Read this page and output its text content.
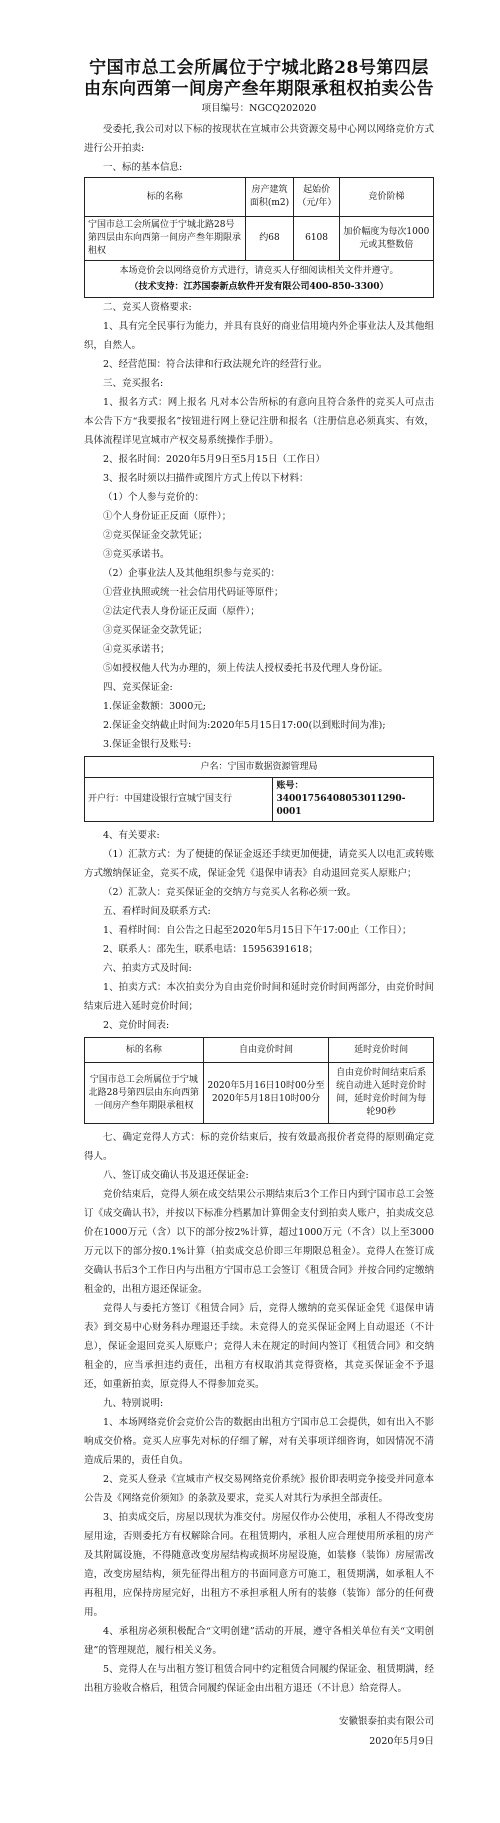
宁国市总工会所属位于宁城北路28号第四层由东向西第一间房产叁年期限承租权拍卖公告
项目编号：NGCQ202020

受委托,我公司对以下标的按现状在宣城市公共资源交易中心网以网络竞价方式进行公开拍卖:

一、标的基本信息:

标的名称	房产建筑面积(m2)	起始价（元/年）	竞价阶梯
宁国市总工会所属位于宁城北路28号第四层由东向西第一间房产叁年期限承租权	约68	6108	加价幅度为每次1000元或其整数倍
本场竞价会以网络竞价方式进行，请竞买人仔细阅读相关文件并遵守。
（技术支持：江苏国泰新点软件开发有限公司400-850-3300）

二、竞买人资格要求:

1、具有完全民事行为能力，并具有良好的商业信用境内外企事业法人及其他组织，自然人。

2、经营范围：符合法律和行政法规允许的经营行业。

三、竞买报名:

1、报名方式：网上报名 凡对本公告所标的有意向且符合条件的竞买人可点击本公告下方“我要报名”按钮进行网上登记注册和报名（注册信息必须真实、有效，具体流程详见宣城市产权交易系统操作手册）。

2、报名时间：2020年5月9日至5月15日（工作日）

3、报名时须以扫描件或图片方式上传以下材料：

（1）个人参与竞价的：

①个人身份证正反面（原件）；

②竞买保证金交款凭证；

③竞买承诺书。

（2）企事业法人及其他组织参与竞买的：

①营业执照或统一社会信用代码证等原件；

②法定代表人身份证正反面（原件）；

③竞买保证金交款凭证；

④竞买承诺书；

⑤如授权他人代为办理的，须上传法人授权委托书及代理人身份证。

四、竞买保证金:

1.保证金数额：3000元;

2.保证金交纳截止时间为:2020年5月15日17:00(以到账时间为准);

3.保证金银行及账号:

户名：宁国市数据资源管理局
开户行：中国建设银行宣城宁国支行	账号：34001756408053011290-0001

4、有关要求:

（1）汇款方式：为了便捷的保证金返还手续更加便捷，请竞买人以电汇或转账方式缴纳保证金，竞买不成，保证金凭《退保申请表》自动退回竞买人原账户；

（2）汇款人：竞买保证金的交纳方与竞买人名称必须一致。

五、看样时间及联系方式:

1、看样时间：自公告之日起至2020年5月15日下午17:00止（工作日）；

2、联系人：邵先生，联系电话：15956391618；

六、拍卖方式及时间:

1、拍卖方式：本次拍卖分为自由竞价时间和延时竞价时间两部分，由竞价时间结束后进入延时竞价时间；

2、竞价时间表:

标的名称	自由竞价时间	延时竞价时间
宁国市总工会所属位于宁城北路28号第四层由东向西第一间房产叁年期限承租权	2020年5月16日10时00分至
2020年5月18日10时00分	自由竞价时间结束后系统自动进入延时竞价时间，延时竞价时间为每轮90秒

七、确定竞得人方式：标的竞价结束后，按有效最高报价者竞得的原则确定竞得人。

八、签订成交确认书及退还保证金:

竞价结束后，竞得人须在成交结果公示期结束后3个工作日内到宁国市总工会签订《成交确认书》，并按以下标准分档累加计算佣金支付到拍卖人账户，拍卖成交总价在1000万元（含）以下的部分按2%计算，超过1000万元（不含）以上至3000万元以下的部分按0.1%计算（拍卖成交总价即三年期限总租金）。竞得人在签订成交确认书后3个工作日内与出租方宁国市总工会签订《租赁合同》并按合同约定缴纳租金的，出租方退还保证金。

竞得人与委托方签订《租赁合同》后，竞得人缴纳的竞买保证金凭《退保申请表》到交易中心财务科办理退还手续。未竞得人的竞买保证金网上自动退还（不计息），保证金退回竞买人原账户；竞得人未在规定的时间内签订《租赁合同》和交纳租金的，应当承担违约责任，出租方有权取消其竞得资格，其竞买保证金不予退还，如重新拍卖，原竞得人不得参加竞买。

九、特别说明:

1、本场网络竞价会竞价公告的数据由出租方宁国市总工会提供，如有出入不影响成交价格。竞买人应事先对标的仔细了解，对有关事项详细咨询，如因情况不清造成后果的，责任自负。

2、竞买人登录《宣城市产权交易网络竞价系统》报价即表明竞争接受并同意本公告及《网络竞价须知》的条款及要求，竞买人对其行为承担全部责任。

3、拍卖成交后，房屋以现状为准交付。房屋仅作办公使用，承租人不得改变房屋用途，否则委托方有权解除合同。在租赁期内，承租人应合理使用所承租的房产及其附属设施，不得随意改变房屋结构或损坏房屋设施，如装修（装饰）房屋需改造，改变房屋结构，须先征得出租方的书面同意方可施工，租赁期满，如承租人不再租用，应保持房屋完好，出租方不承担承租人所有的装修（装饰）部分的任何费用。

4、承租房必须积极配合“文明创建”活动的开展，遵守各相关单位有关“文明创建”的管理规范，履行相关义务。

5、竞得人在与出租方签订租赁合同中约定租赁合同履约保证金、租赁期满，经出租方验收合格后，租赁合同履约保证金由出租方退还（不计息）给竞得人。

安徽银泰拍卖有限公司
2020年5月9日
